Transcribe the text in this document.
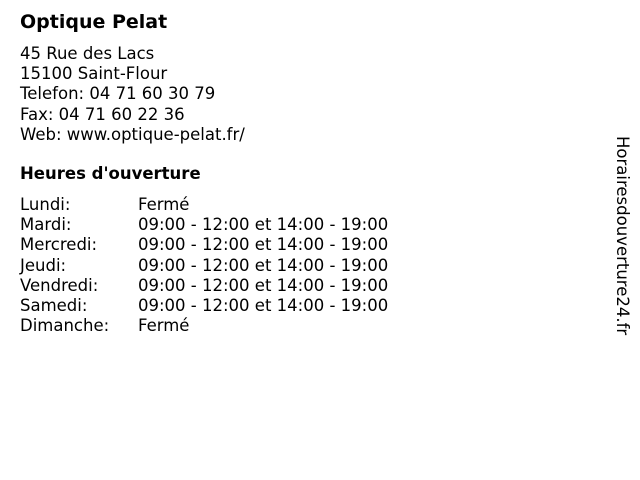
Optique Pelat
45 Rue des Lacs
15100 Saint-Flour
Telefon: 04 71 60 30 79
Fax: 04 71 60 22 36
Web: www.optique-pelat.fr/
Heures d'ouverture
Lundi:	Fermé
Mardi:	09:00 - 12:00 et 14:00 - 19:00
Mercredi:	09:00 - 12:00 et 14:00 - 19:00
Jeudi:	09:00 - 12:00 et 14:00 - 19:00
Vendredi:	09:00 - 12:00 et 14:00 - 19:00
Samedi:	09:00 - 12:00 et 14:00 - 19:00
Dimanche:	Fermé	Horairesdouverture24.fr
